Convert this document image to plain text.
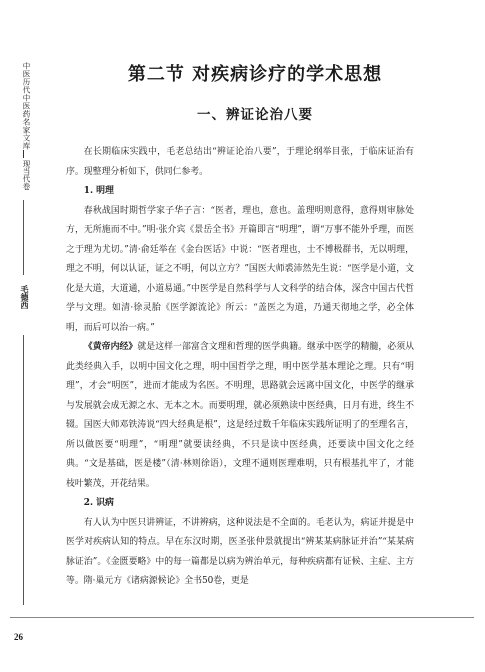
中医历代中医药名家文库
现当代卷
毛德西
第二节 对疾病诊疗的学术思想
一、辨证论治八要

在长期临床实践中，毛老总结出“辨证论治八要”，于理论纲举目张，于临床证治有序。现整理分析如下，供同仁参考。

1. 明理

春秋战国时期哲学家子华子言：“医者，理也，意也。盖理明则意得，意得则审脉处方，无所施而不中。”明·张介宾《景岳全书》开篇即言“明理”，谓“万事不能外乎理，而医之于理为尤切。”清·俞廷举在《金台医话》中说：“医者理也，士不博极群书，无以明理，理之不明，何以认证，证之不明，何以立方？”国医大师裘沛然先生说：“医学是小道，文化是大道，大道通，小道易通。”中医学是自然科学与人文科学的结合体，深含中国古代哲学与文理。如清·徐灵胎《医学源流论》所云：“盖医之为道，乃通天彻地之学，必全体明，而后可以治一病。”

《黄帝内经》就是这样一部富含文理和哲理的医学典籍。继承中医学的精髓，必须从此类经典入手，以明中国文化之理，明中国哲学之理，明中医学基本理论之理。只有“明理”，才会“明医”，进而才能成为名医。不明理，思路就会远离中国文化，中医学的继承与发展就会成无源之水、无本之木。而要明理，就必须熟读中医经典，日月有进，终生不辍。国医大师邓铁涛说“四大经典是根”，这是经过数千年临床实践所证明了的至理名言，所以做医要“明理”，“明理”就要读经典，不只是读中医经典，还要读中国文化之经典。“文是基础，医是楼”（清·林则徐语），文理不通则医理难明，只有根基扎牢了，才能枝叶繁茂，开花结果。

2. 识病

有人认为中医只讲辨证，不讲辨病，这种说法是不全面的。毛老认为，病证并提是中医学对疾病认知的特点。早在东汉时期，医圣张仲景就提出“辨某某病脉证并治”“某某病脉证治”。《金匮要略》中的每一篇都是以病为辨治单元，每种疾病都有证候、主症、主方等。隋·巢元方《诸病源候论》全书50卷，更是

26
